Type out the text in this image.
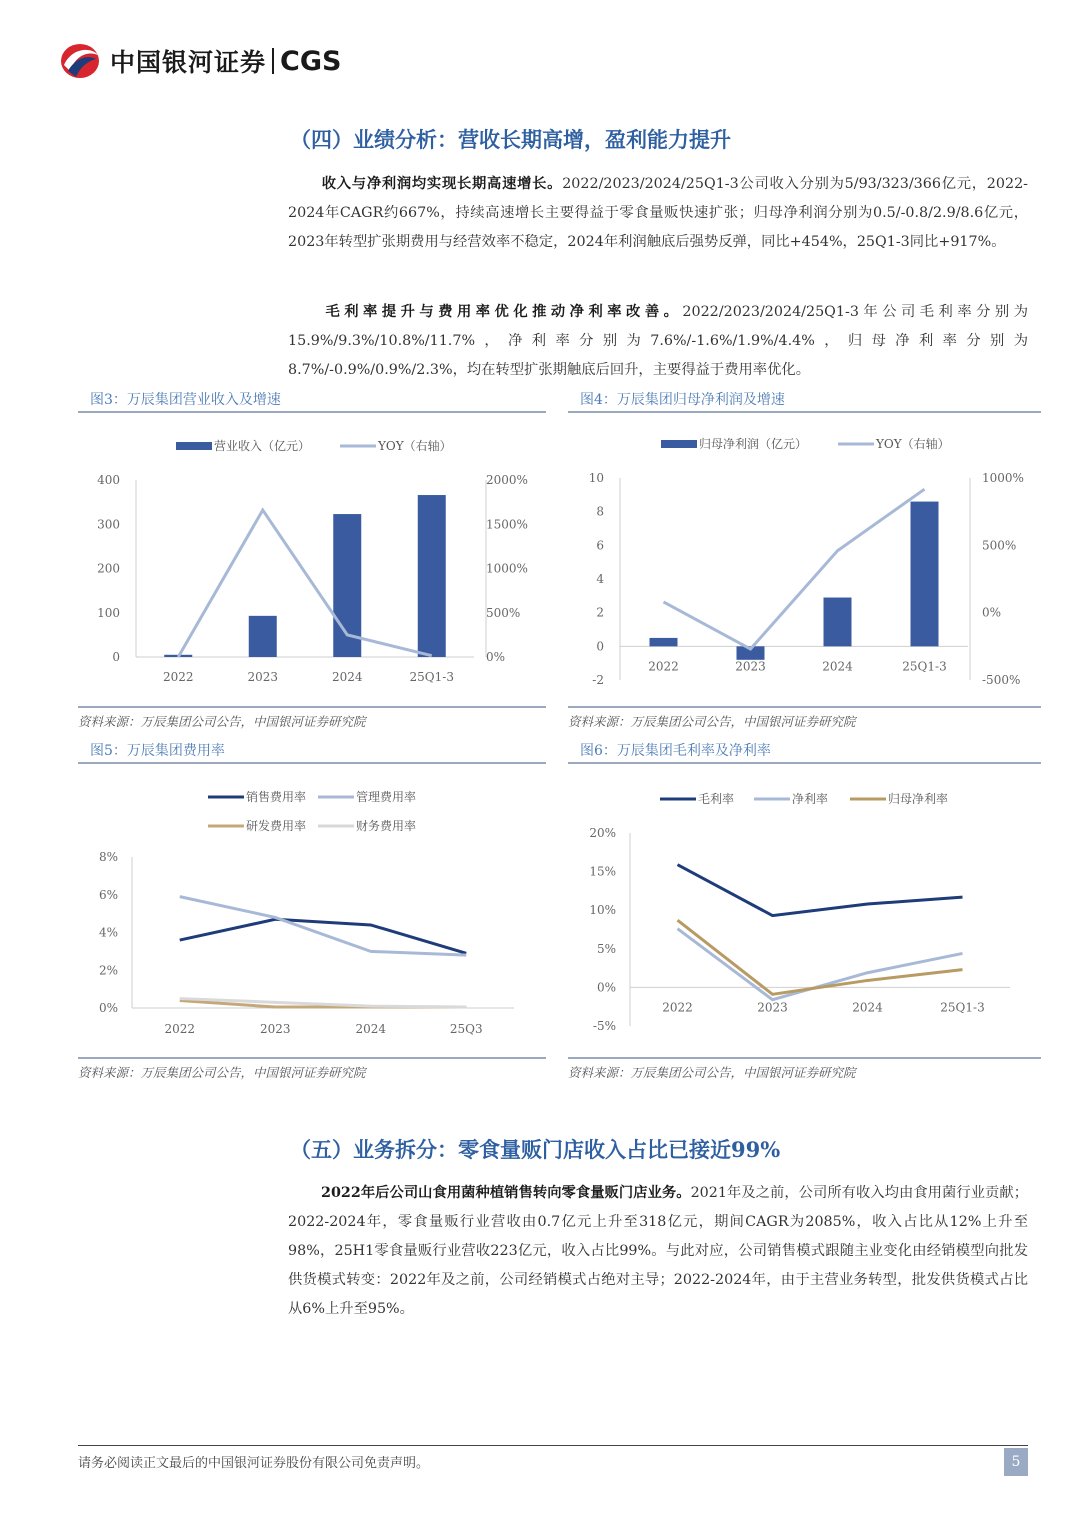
中国银河证券 CGS
（四）业绩分析：营收长期高增，盈利能力提升
收入与净利润均实现长期高速增长。2022/2023/2024/25Q1-3公司收入分别为5/93/323/366亿元，2022-2024年CAGR约667%，持续高速增长主要得益于零食量贩快速扩张；归母净利润分别为0.5/-0.8/2.9/8.6亿元，2023年转型扩张期费用与经营效率不稳定，2024年利润触底后强势反弹，同比+454%，25Q1-3同比+917%。
毛利率提升与费用率优化推动净利率改善。2022/2023/2024/25Q1-3年公司毛利率分别为15.9%/9.3%/10.8%/11.7%，净利率分别为7.6%/-1.6%/1.9%/4.4%，归母净利率分别为8.7%/-0.9%/0.9%/2.3%，均在转型扩张期触底后回升，主要得益于费用率优化。
图3：万辰集团营业收入及增速
营业收入（亿元）	YOY（右轴）
0
100
200
300
400
0%
500%
1000%
1500%
2000%
2022	2023	2024	25Q1-3
资料来源：万辰集团公司公告，中国银河证券研究院
图4：万辰集团归母净利润及增速
归母净利润（亿元）	YOY（右轴）
-2
0
2
4
6
8
10
-500%
0%
500%
1000%
2022	2023	2024	25Q1-3
资料来源：万辰集团公司公告，中国银河证券研究院
图5：万辰集团费用率
销售费用率	管理费用率
研发费用率	财务费用率
0%
2%
4%
6%
8%
2022	2023	2024	25Q3
资料来源：万辰集团公司公告，中国银河证券研究院
图6：万辰集团毛利率及净利率
毛利率	净利率	归母净利率
-5%
0%
5%
10%
15%
20%
2022	2023	2024	25Q1-3
资料来源：万辰集团公司公告，中国银河证券研究院
（五）业务拆分：零食量贩门店收入占比已接近99%
2022年后公司山食用菌种植销售转向零食量贩门店业务。2021年及之前，公司所有收入均由食用菌行业贡献；2022-2024年，零食量贩行业营收由0.7亿元上升至318亿元，期间CAGR为2085%，收入占比从12%上升至98%，25H1零食量贩行业营收223亿元，收入占比99%。与此对应，公司销售模式跟随主业变化由经销模型向批发供货模式转变：2022年及之前，公司经销模式占绝对主导；2022-2024年，由于主营业务转型，批发供货模式占比从6%上升至95%。
请务必阅读正文最后的中国银河证券股份有限公司免责声明。	5
